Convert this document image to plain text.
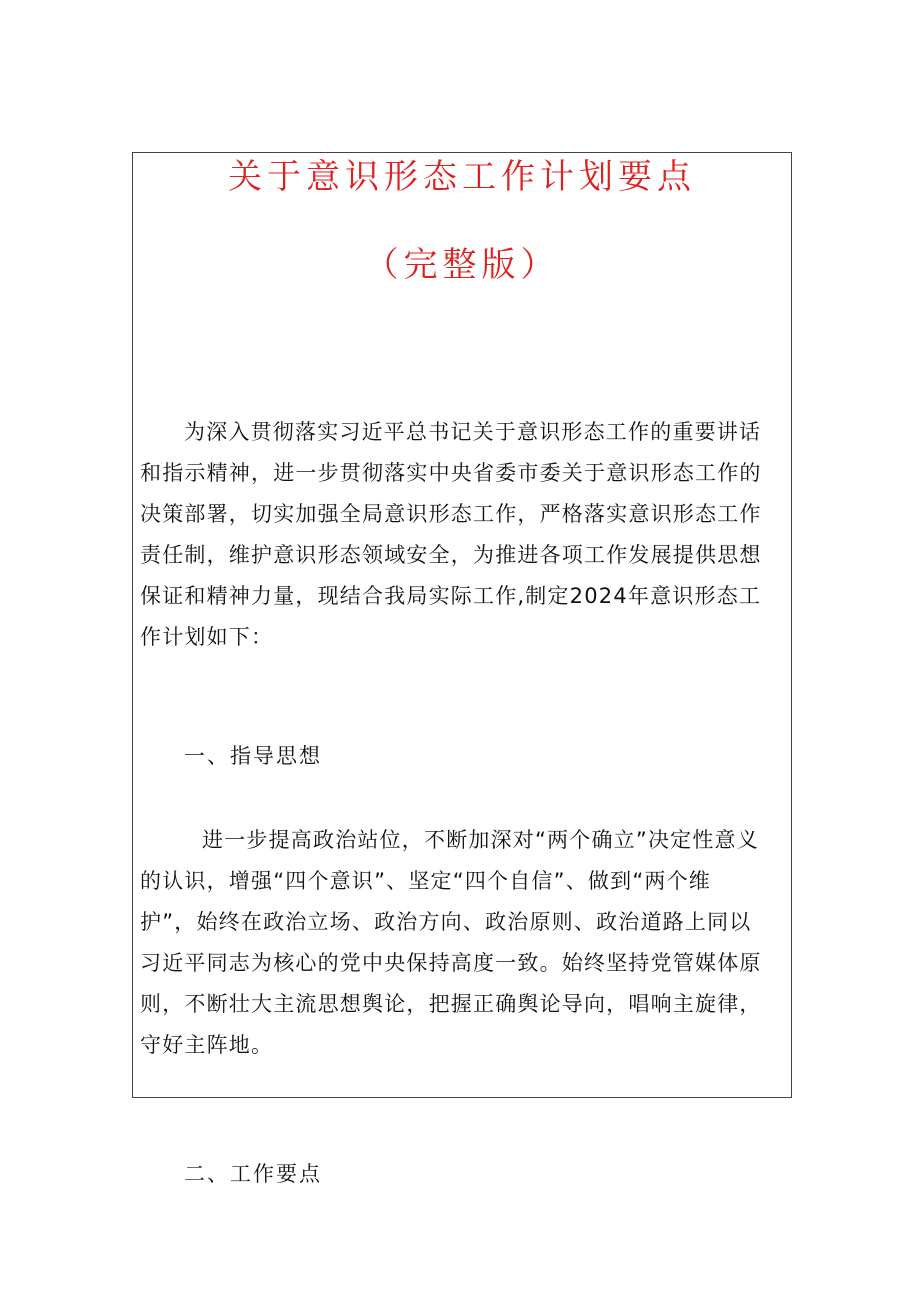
关于意识形态工作计划要点
（完整版）
为深入贯彻落实习近平总书记关于意识形态工作的重要讲话
和指示精神，进一步贯彻落实中央省委市委关于意识形态工作的
决策部署，切实加强全局意识形态工作，严格落实意识形态工作
责任制，维护意识形态领域安全，为推进各项工作发展提供思想
保证和精神力量，现结合我局实际工作,制定2024年意识形态工
作计划如下：
一、指导思想
进一步提高政治站位，不断加深对“两个确立”决定性意义
的认识，增强“四个意识”、坚定“四个自信”、做到“两个维
护”，始终在政治立场、政治方向、政治原则、政治道路上同以
习近平同志为核心的党中央保持高度一致。始终坚持党管媒体原
则，不断壮大主流思想舆论，把握正确舆论导向，唱响主旋律，
守好主阵地。
二、工作要点
